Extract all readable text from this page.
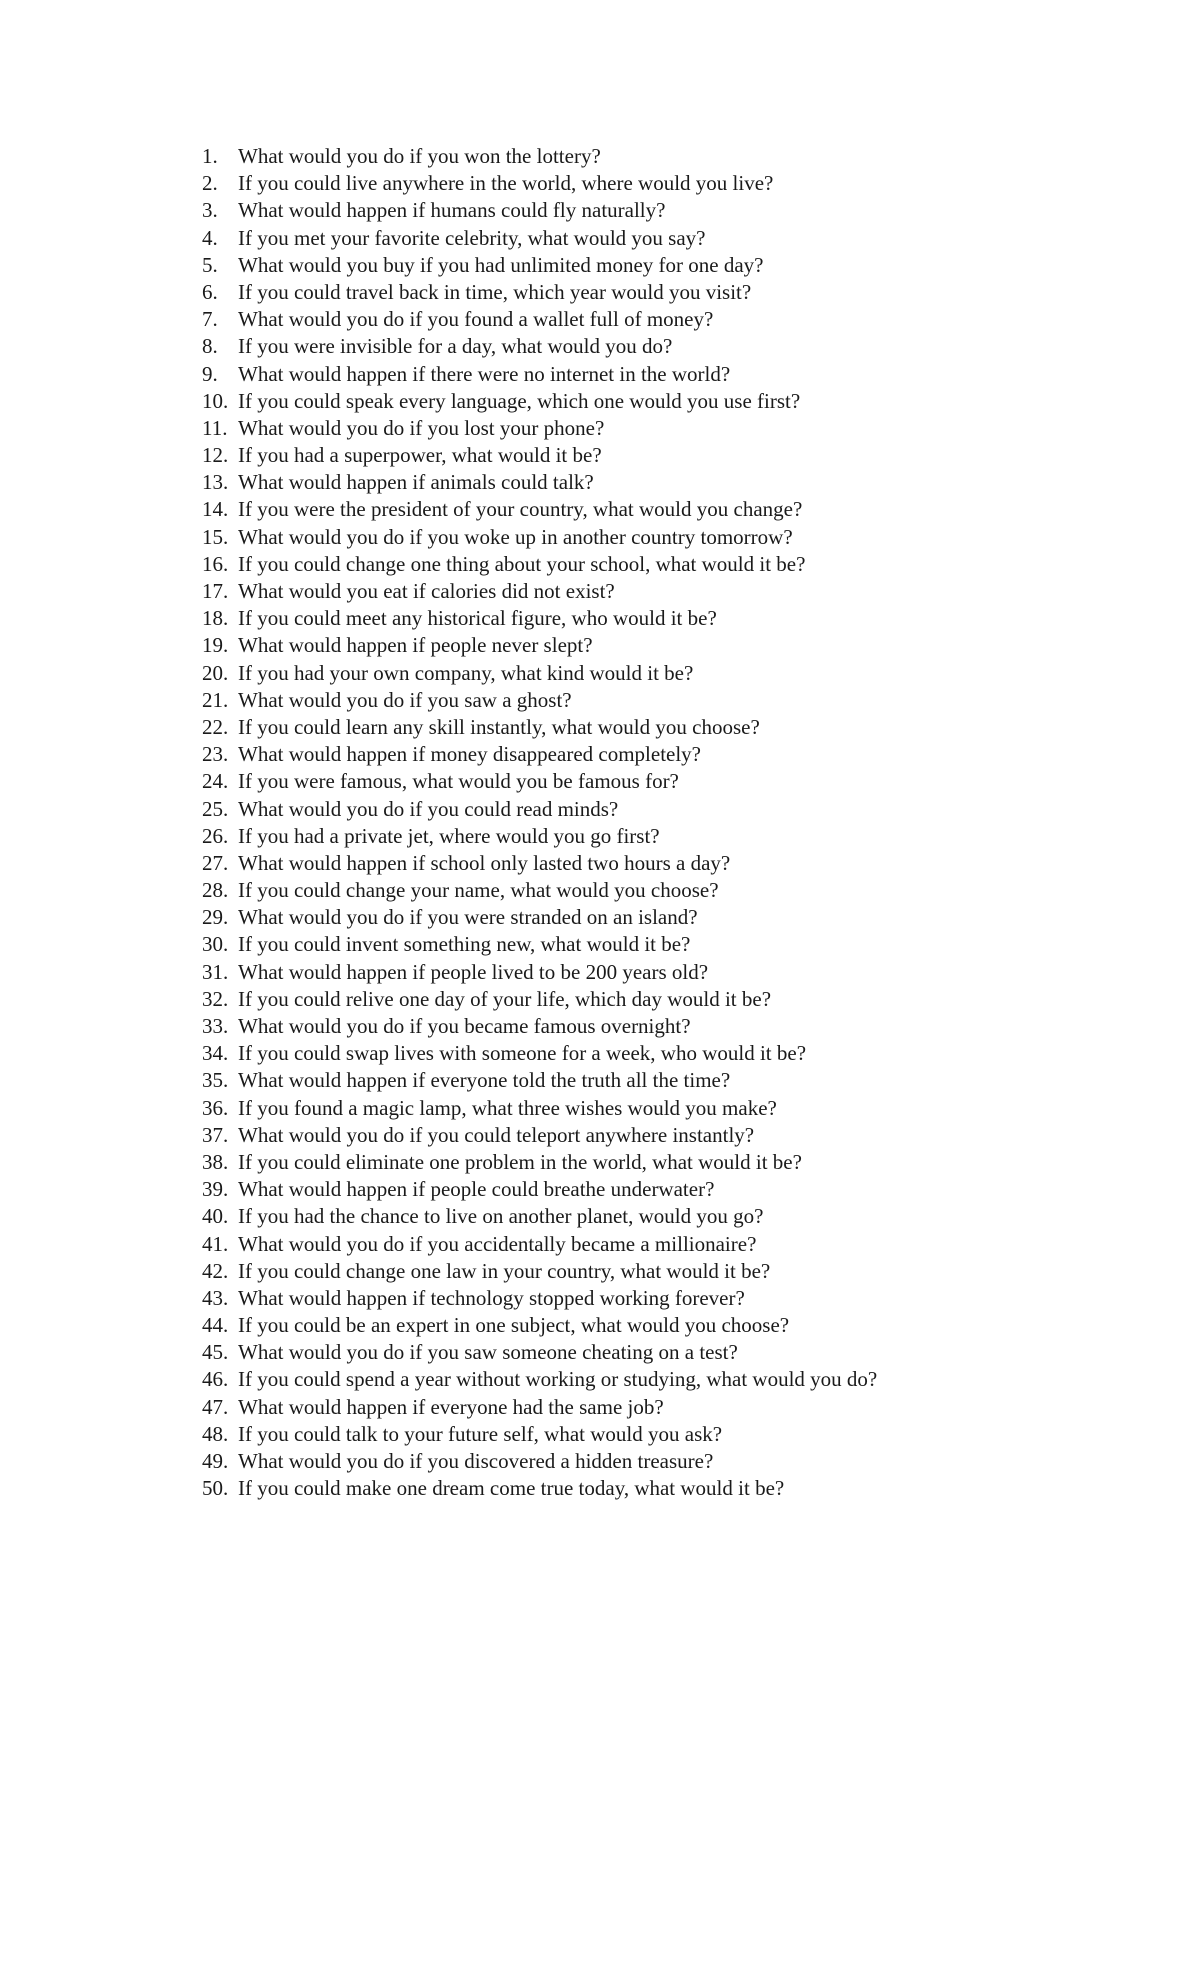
1. What would you do if you won the lottery?
2. If you could live anywhere in the world, where would you live?
3. What would happen if humans could fly naturally?
4. If you met your favorite celebrity, what would you say?
5. What would you buy if you had unlimited money for one day?
6. If you could travel back in time, which year would you visit?
7. What would you do if you found a wallet full of money?
8. If you were invisible for a day, what would you do?
9. What would happen if there were no internet in the world?
10. If you could speak every language, which one would you use first?
11. What would you do if you lost your phone?
12. If you had a superpower, what would it be?
13. What would happen if animals could talk?
14. If you were the president of your country, what would you change?
15. What would you do if you woke up in another country tomorrow?
16. If you could change one thing about your school, what would it be?
17. What would you eat if calories did not exist?
18. If you could meet any historical figure, who would it be?
19. What would happen if people never slept?
20. If you had your own company, what kind would it be?
21. What would you do if you saw a ghost?
22. If you could learn any skill instantly, what would you choose?
23. What would happen if money disappeared completely?
24. If you were famous, what would you be famous for?
25. What would you do if you could read minds?
26. If you had a private jet, where would you go first?
27. What would happen if school only lasted two hours a day?
28. If you could change your name, what would you choose?
29. What would you do if you were stranded on an island?
30. If you could invent something new, what would it be?
31. What would happen if people lived to be 200 years old?
32. If you could relive one day of your life, which day would it be?
33. What would you do if you became famous overnight?
34. If you could swap lives with someone for a week, who would it be?
35. What would happen if everyone told the truth all the time?
36. If you found a magic lamp, what three wishes would you make?
37. What would you do if you could teleport anywhere instantly?
38. If you could eliminate one problem in the world, what would it be?
39. What would happen if people could breathe underwater?
40. If you had the chance to live on another planet, would you go?
41. What would you do if you accidentally became a millionaire?
42. If you could change one law in your country, what would it be?
43. What would happen if technology stopped working forever?
44. If you could be an expert in one subject, what would you choose?
45. What would you do if you saw someone cheating on a test?
46. If you could spend a year without working or studying, what would you do?
47. What would happen if everyone had the same job?
48. If you could talk to your future self, what would you ask?
49. What would you do if you discovered a hidden treasure?
50. If you could make one dream come true today, what would it be?
